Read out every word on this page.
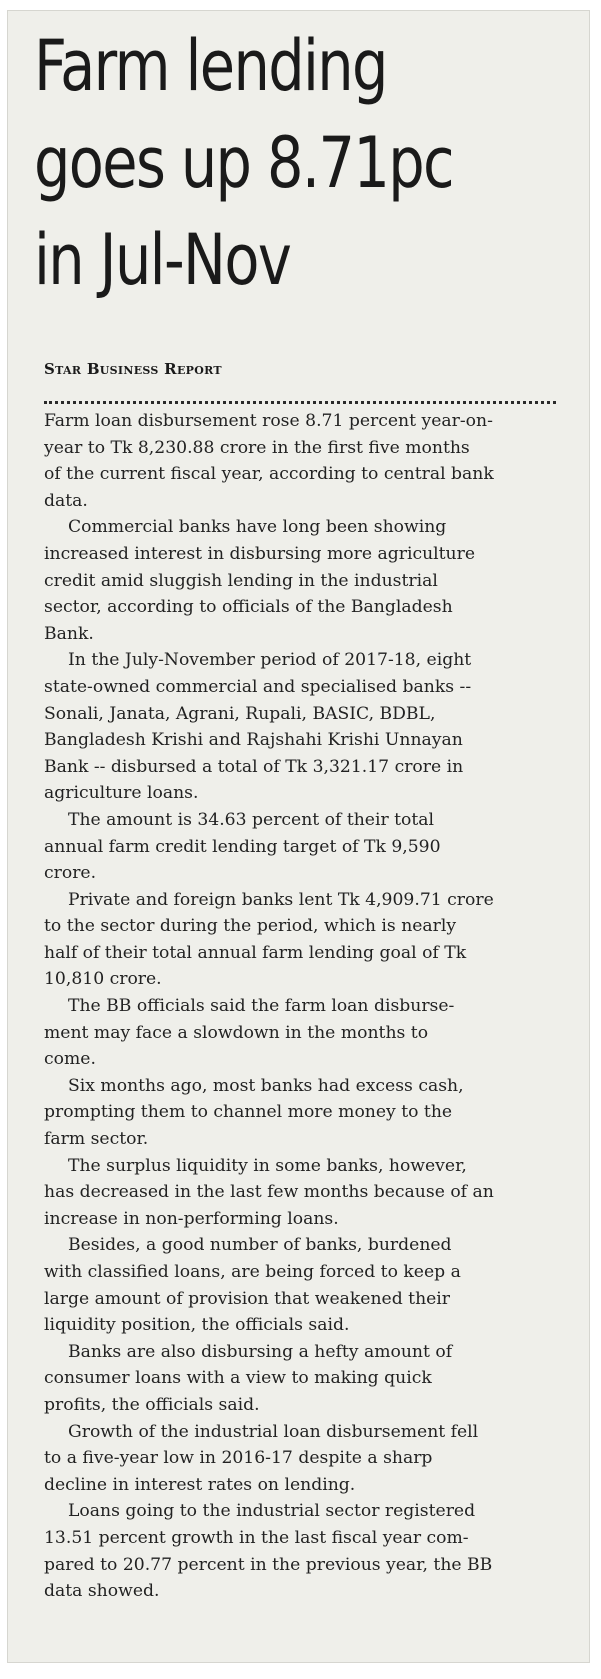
Farm lending
goes up 8.71pc
in Jul-Nov
Star Business Report
Farm loan disbursement rose 8.71 percent year-on-
year to Tk 8,230.88 crore in the first five months
of the current fiscal year, according to central bank
data.
Commercial banks have long been showing
increased interest in disbursing more agriculture
credit amid sluggish lending in the industrial
sector, according to officials of the Bangladesh
Bank.
In the July-November period of 2017-18, eight
state-owned commercial and specialised banks --
Sonali, Janata, Agrani, Rupali, BASIC, BDBL,
Bangladesh Krishi and Rajshahi Krishi Unnayan
Bank -- disbursed a total of Tk 3,321.17 crore in
agriculture loans.
The amount is 34.63 percent of their total
annual farm credit lending target of Tk 9,590
crore.
Private and foreign banks lent Tk 4,909.71 crore
to the sector during the period, which is nearly
half of their total annual farm lending goal of Tk
10,810 crore.
The BB officials said the farm loan disburse-
ment may face a slowdown in the months to
come.
Six months ago, most banks had excess cash,
prompting them to channel more money to the
farm sector.
The surplus liquidity in some banks, however,
has decreased in the last few months because of an
increase in non-performing loans.
Besides, a good number of banks, burdened
with classified loans, are being forced to keep a
large amount of provision that weakened their
liquidity position, the officials said.
Banks are also disbursing a hefty amount of
consumer loans with a view to making quick
profits, the officials said.
Growth of the industrial loan disbursement fell
to a five-year low in 2016-17 despite a sharp
decline in interest rates on lending.
Loans going to the industrial sector registered
13.51 percent growth in the last fiscal year com-
pared to 20.77 percent in the previous year, the BB
data showed.
